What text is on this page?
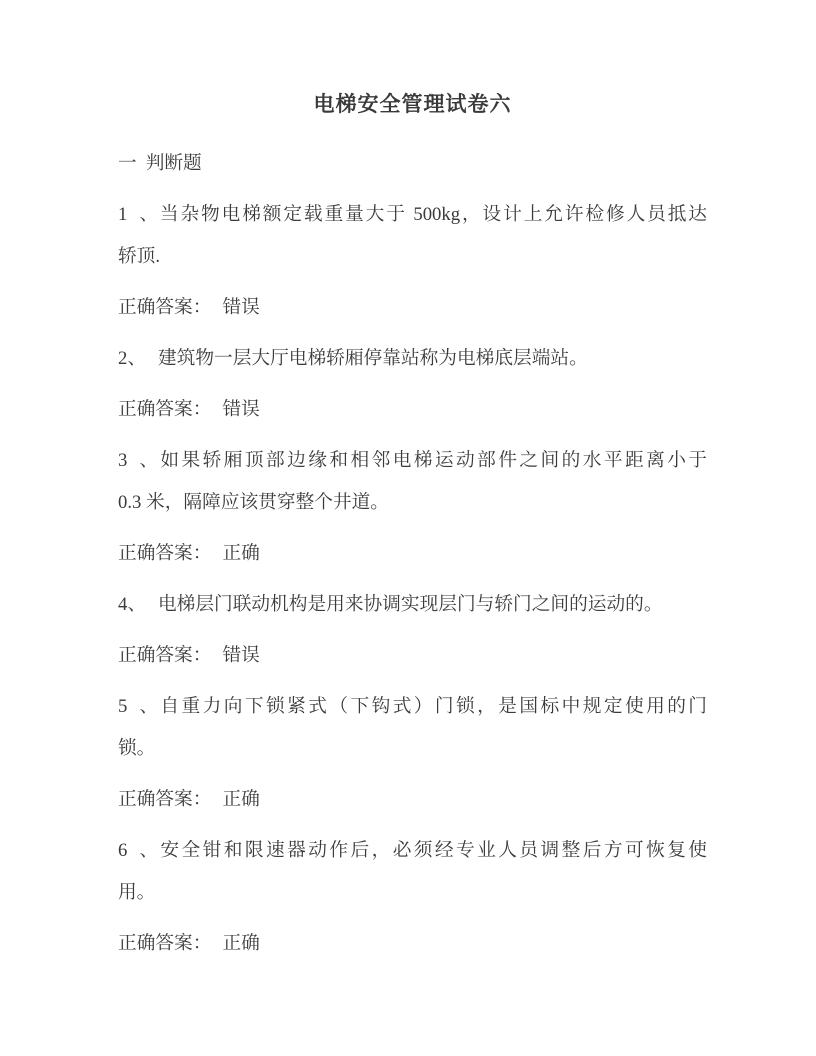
电梯安全管理试卷六
一 判断题
1、当杂物电梯额定载重量大于 500kg，设计上允许检修人员抵达
轿顶.
正确答案： 错误
2、 建筑物一层大厅电梯轿厢停靠站称为电梯底层端站。
正确答案： 错误
3、如果轿厢顶部边缘和相邻电梯运动部件之间的水平距离小于
0.3 米，隔障应该贯穿整个井道。
正确答案： 正确
4、 电梯层门联动机构是用来协调实现层门与轿门之间的运动的。
正确答案： 错误
5、自重力向下锁紧式（下钩式）门锁，是国标中规定使用的门
锁。
正确答案： 正确
6、安全钳和限速器动作后，必须经专业人员调整后方可恢复使
用。
正确答案： 正确
